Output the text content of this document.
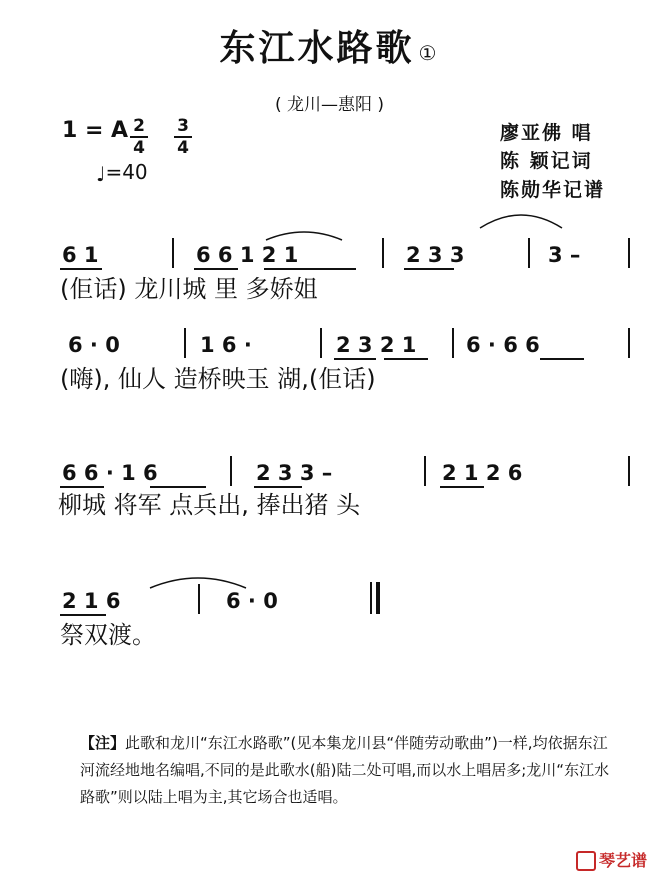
东江水路歌 ①
( 龙川—惠阳 )
1 = A 2
4
3
4
♩=40
廖亚佛 唱
陈 颖记词
陈勋华记谱
6 1	6 6 1 2 1	2 3 3	3 –
(佢话) 龙川城 里 多娇姐
6 · 0	1 6 ·	2 3 2 1 6 · 6 6
(嗨), 仙人 造桥映玉 湖,(佢话)
6 6 · 1 6	2 3 3 –	2 1 2 6
柳城 将军 点兵出, 捧出猪 头
2 1 6	6 · 0
祭双渡。
【注】此歌和龙川“东江水路歌”(见本集龙川县“伴随劳动歌曲”)一样,均依据东江河流经地地名编唱,不同的是此歌水(船)陆二处可唱,而以水上唱居多;龙川“东江水路歌”则以陆上唱为主,其它场合也适唱。
琴艺谱
